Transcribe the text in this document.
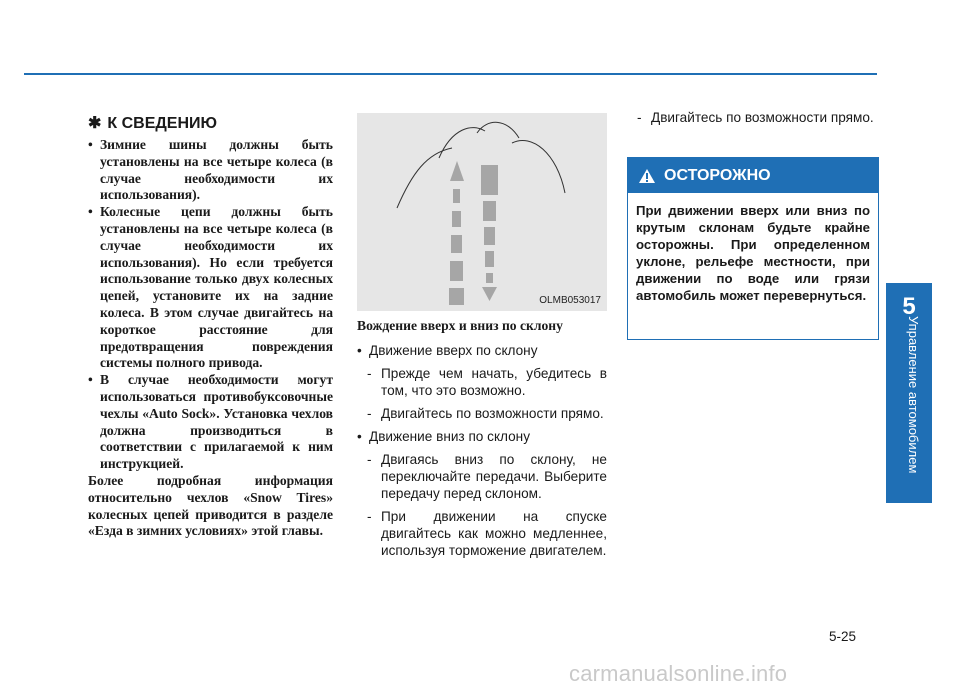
5
Управление автомобилем
✱ К СВЕДЕНИЮ

• Зимние шины должны быть установлены на все четыре колеса (в случае необходимости их использования).

• Колесные цепи должны быть установлены на все четыре колеса (в случае необходимости их использования). Но если требуется использование только двух колесных цепей, установите их на задние колеса. В этом случае двигайтесь на короткое расстояние для предотвращения повреждения системы полного привода.

• В случае необходимости могут использоваться противобуксовочные чехлы «Auto Sock». Установка чехлов должна производиться в соответствии с прилагаемой к ним инструкцией.

Более подробная информация относительно чехлов «Snow Tires» колесных цепей приводится в разделе «Езда в зимних условиях» этой главы.

OLMB053017
Вождение вверх и вниз по склону

• Движение вверх по склону

- Прежде чем начать, убедитесь в том, что это возможно.

- Двигайтесь по возможности прямо.

• Движение вниз по склону

- Двигаясь вниз по склону, не переключайте передачи. Выберите передачу перед склоном.

- При движении на спуске двигайтесь как можно медленнее, используя торможение двигателем.

- Двигайтесь по возможности прямо.

ОСТОРОЖНО
При движении вверх или вниз по крутым склонам будьте крайне осторожны. При определенном уклоне, рельефе местности, при движении по воде или грязи автомобиль может перевернуться.
5-25
carmanualsonline.info
